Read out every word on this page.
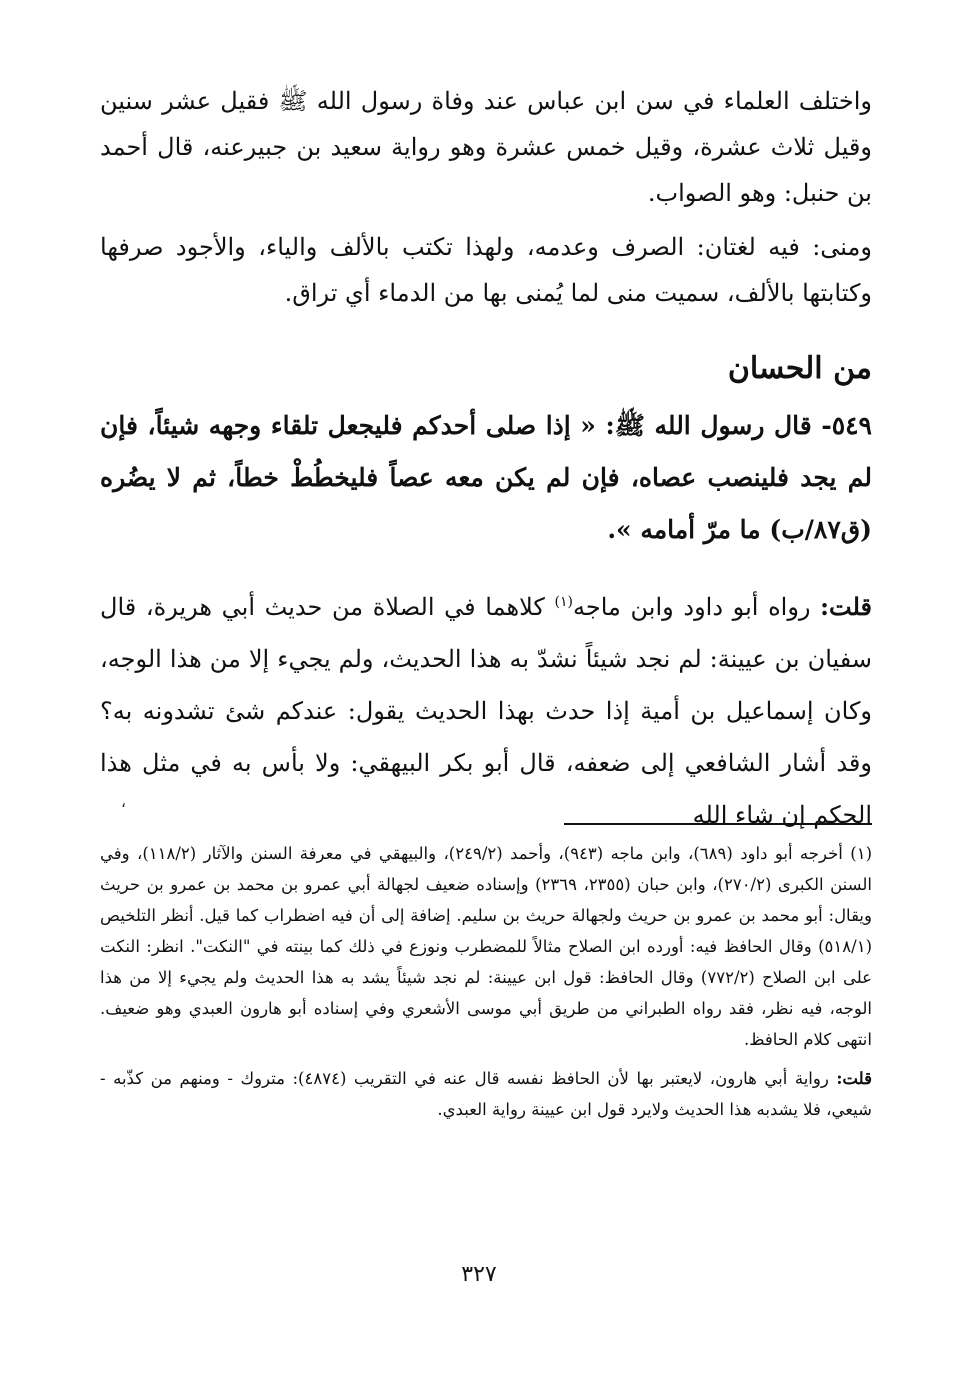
واختلف العلماء في سن ابن عباس عند وفاة رسول الله ﷺ فقيل عشر سنين وقيل ثلاث عشرة، وقيل خمس عشرة وهو رواية سعيد بن جبيرعنه، قال أحمد بن حنبل: وهو الصواب.

ومنى: فيه لغتان: الصرف وعدمه، ولهذا تكتب بالألف والياء، والأجود صرفها وكتابتها بالألف، سميت منى لما يُمنى بها من الدماء أي تراق.

من الحسان

٥٤٩- قال رسول الله ﷺ: « إذا صلى أحدكم فليجعل تلقاء وجهه شيئاً، فإن لم يجد فلينصب عصاه، فإن لم يكن معه عصاً فليخطُطْ خطاً، ثم لا يضُره (ق٨٧/ب) ما مرّ أمامه ».

قلت: رواه أبو داود وابن ماجه$^{(١)}$ كلاهما في الصلاة من حديث أبي هريرة، قال سفيان بن عيينة: لم نجد شيئاً نشدّ به هذا الحديث، ولم يجيء إلا من هذا الوجه، وكان إسماعيل بن أمية إذا حدث بهذا الحديث يقول: عندكم شئ تشدونه به؟ وقد أشار الشافعي إلى ضعفه، قال أبو بكر البيهقي: ولا بأس به في مثل هذا الحكم إن شاء الله

،

(١) أخرجه أبو داود (٦٨٩)، وابن ماجه (٩٤٣)، وأحمد (٢٤٩/٢)، والبيهقي في معرفة السنن والآثار (١١٨/٢)، وفي السنن الكبرى (٢٧٠/٢)، وابن حبان (٢٣٥٥، ٢٣٦٩) وإسناده ضعيف لجهالة أبي عمرو بن محمد بن عمرو بن حريث ويقال: أبو محمد بن عمرو بن حريث ولجهالة حريث بن سليم. إضافة إلى أن فيه اضطراب كما قيل. أنظر التلخيص (٥١٨/١) وقال الحافظ فيه: أورده ابن الصلاح مثالاً للمضطرب ونوزع في ذلك كما بينته في "النكت". انظر: النكت على ابن الصلاح (٧٧٢/٢) وقال الحافظ: قول ابن عيينة: لم نجد شيئاً يشد به هذا الحديث ولم يجيء إلا من هذا الوجه، فيه نظر، فقد رواه الطبراني من طريق أبي موسى الأشعري وفي إسناده أبو هارون العبدي وهو ضعيف. انتهى كلام الحافظ.

قلت: رواية أبي هارون، لايعتبر بها لأن الحافظ نفسه قال عنه في التقريب (٤٨٧٤): متروك - ومنهم من كذّبه - شيعي، فلا يشدبه هذا الحديث ولايرد قول ابن عيينة رواية العبدي.

٣٢٧
